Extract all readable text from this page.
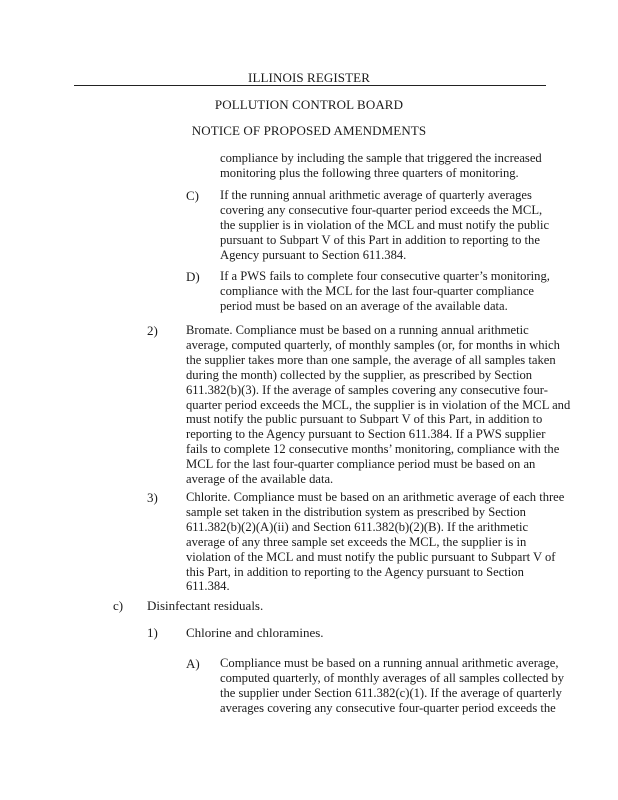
ILLINOIS REGISTER
POLLUTION CONTROL BOARD
NOTICE OF PROPOSED AMENDMENTS
compliance by including the sample that triggered the increased
monitoring plus the following three quarters of monitoring.
C) If the running annual arithmetic average of quarterly averages
covering any consecutive four-quarter period exceeds the MCL,
the supplier is in violation of the MCL and must notify the public
pursuant to Subpart V of this Part in addition to reporting to the
Agency pursuant to Section 611.384.
D) If a PWS fails to complete four consecutive quarter’s monitoring,
compliance with the MCL for the last four-quarter compliance
period must be based on an average of the available data.
2) Bromate. Compliance must be based on a running annual arithmetic
average, computed quarterly, of monthly samples (or, for months in which
the supplier takes more than one sample, the average of all samples taken
during the month) collected by the supplier, as prescribed by Section
611.382(b)(3). If the average of samples covering any consecutive four-
quarter period exceeds the MCL, the supplier is in violation of the MCL and
must notify the public pursuant to Subpart V of this Part, in addition to
reporting to the Agency pursuant to Section 611.384. If a PWS supplier
fails to complete 12 consecutive months’ monitoring, compliance with the
MCL for the last four-quarter compliance period must be based on an
average of the available data.
3) Chlorite. Compliance must be based on an arithmetic average of each three
sample set taken in the distribution system as prescribed by Section
611.382(b)(2)(A)(ii) and Section 611.382(b)(2)(B). If the arithmetic
average of any three sample set exceeds the MCL, the supplier is in
violation of the MCL and must notify the public pursuant to Subpart V of
this Part, in addition to reporting to the Agency pursuant to Section
611.384.
c) Disinfectant residuals.
1) Chlorine and chloramines.
A) Compliance must be based on a running annual arithmetic average,
computed quarterly, of monthly averages of all samples collected by
the supplier under Section 611.382(c)(1). If the average of quarterly
averages covering any consecutive four-quarter period exceeds the
